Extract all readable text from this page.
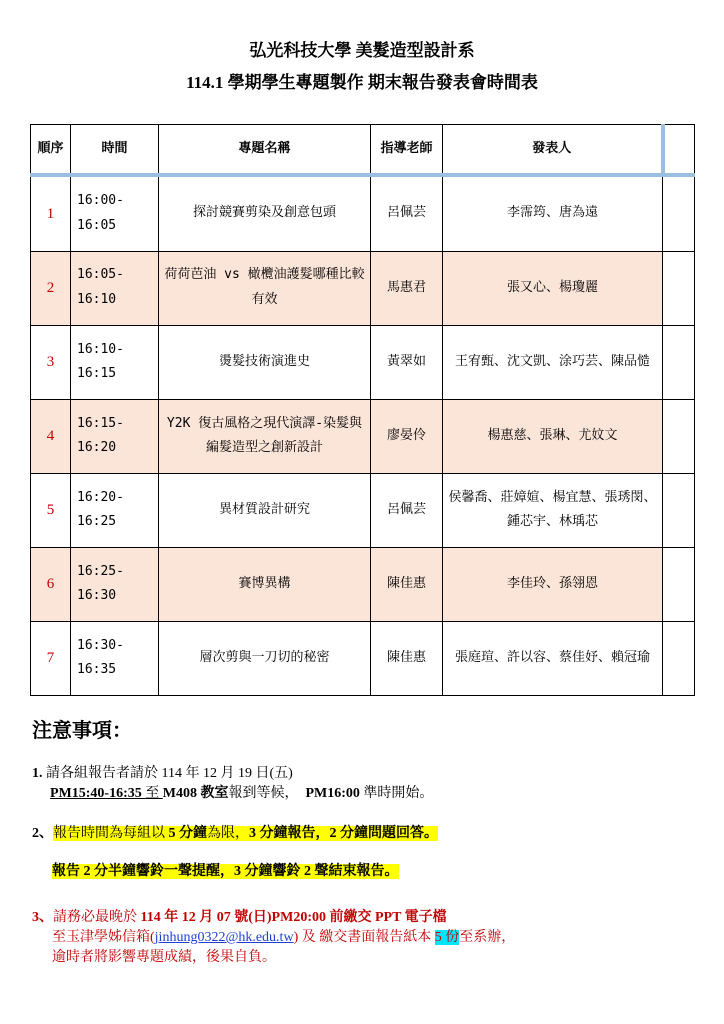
弘光科技大學 美髮造型設計系
114.1 學期學生專題製作 期末報告發表會時間表
順序	時間	專題名稱	指導老師	發表人	
1	16:00-16:05	探討競賽剪染及創意包頭	呂佩芸	李霈筠、唐為遠	
2	16:05-16:10	荷荷芭油 vs 橄欖油護髮哪種比較有效	馬惠君	張又心、楊瓊麗	
3	16:10-16:15	燙髮技術演進史	黃翠如	王宥甄、沈文凱、涂巧芸、陳品慥	
4	16:15-16:20	Y2K 復古風格之現代演譯-染髮與編髮造型之創新設計	廖晏伶	楊惠慈、張琳、尤妏文	
5	16:20-16:25	異材質設計研究	呂佩芸	侯馨喬、莊嫜媗、楊宜慧、張琇閔、鍾芯宇、林瑀芯	
6	16:25-16:30	賽博異構	陳佳惠	李佳玲、孫翎恩	
7	16:30-16:35	層次剪與一刀切的秘密	陳佳惠	張庭瑄、許以容、蔡佳妤、賴冠瑜	
注意事項：
1. 請各組報告者請於 114 年 12 月 19 日(五)
PM15:40-16:35 至 M408 教室報到等候， PM16:00 準時開始。
2、報告時間為每組以 5 分鐘為限，3 分鐘報告，2 分鐘問題回答。
報告 2 分半鐘響鈴一聲提醒，3 分鐘響鈴 2 聲結束報告。
3、請務必最晚於 114 年 12 月 07 號(日)PM20:00 前繳交 PPT 電子檔
至玉津學姊信箱(jinhung0322@hk.edu.tw) 及 繳交書面報告紙本 5 份至系辦，
逾時者將影響專題成績，後果自負。
